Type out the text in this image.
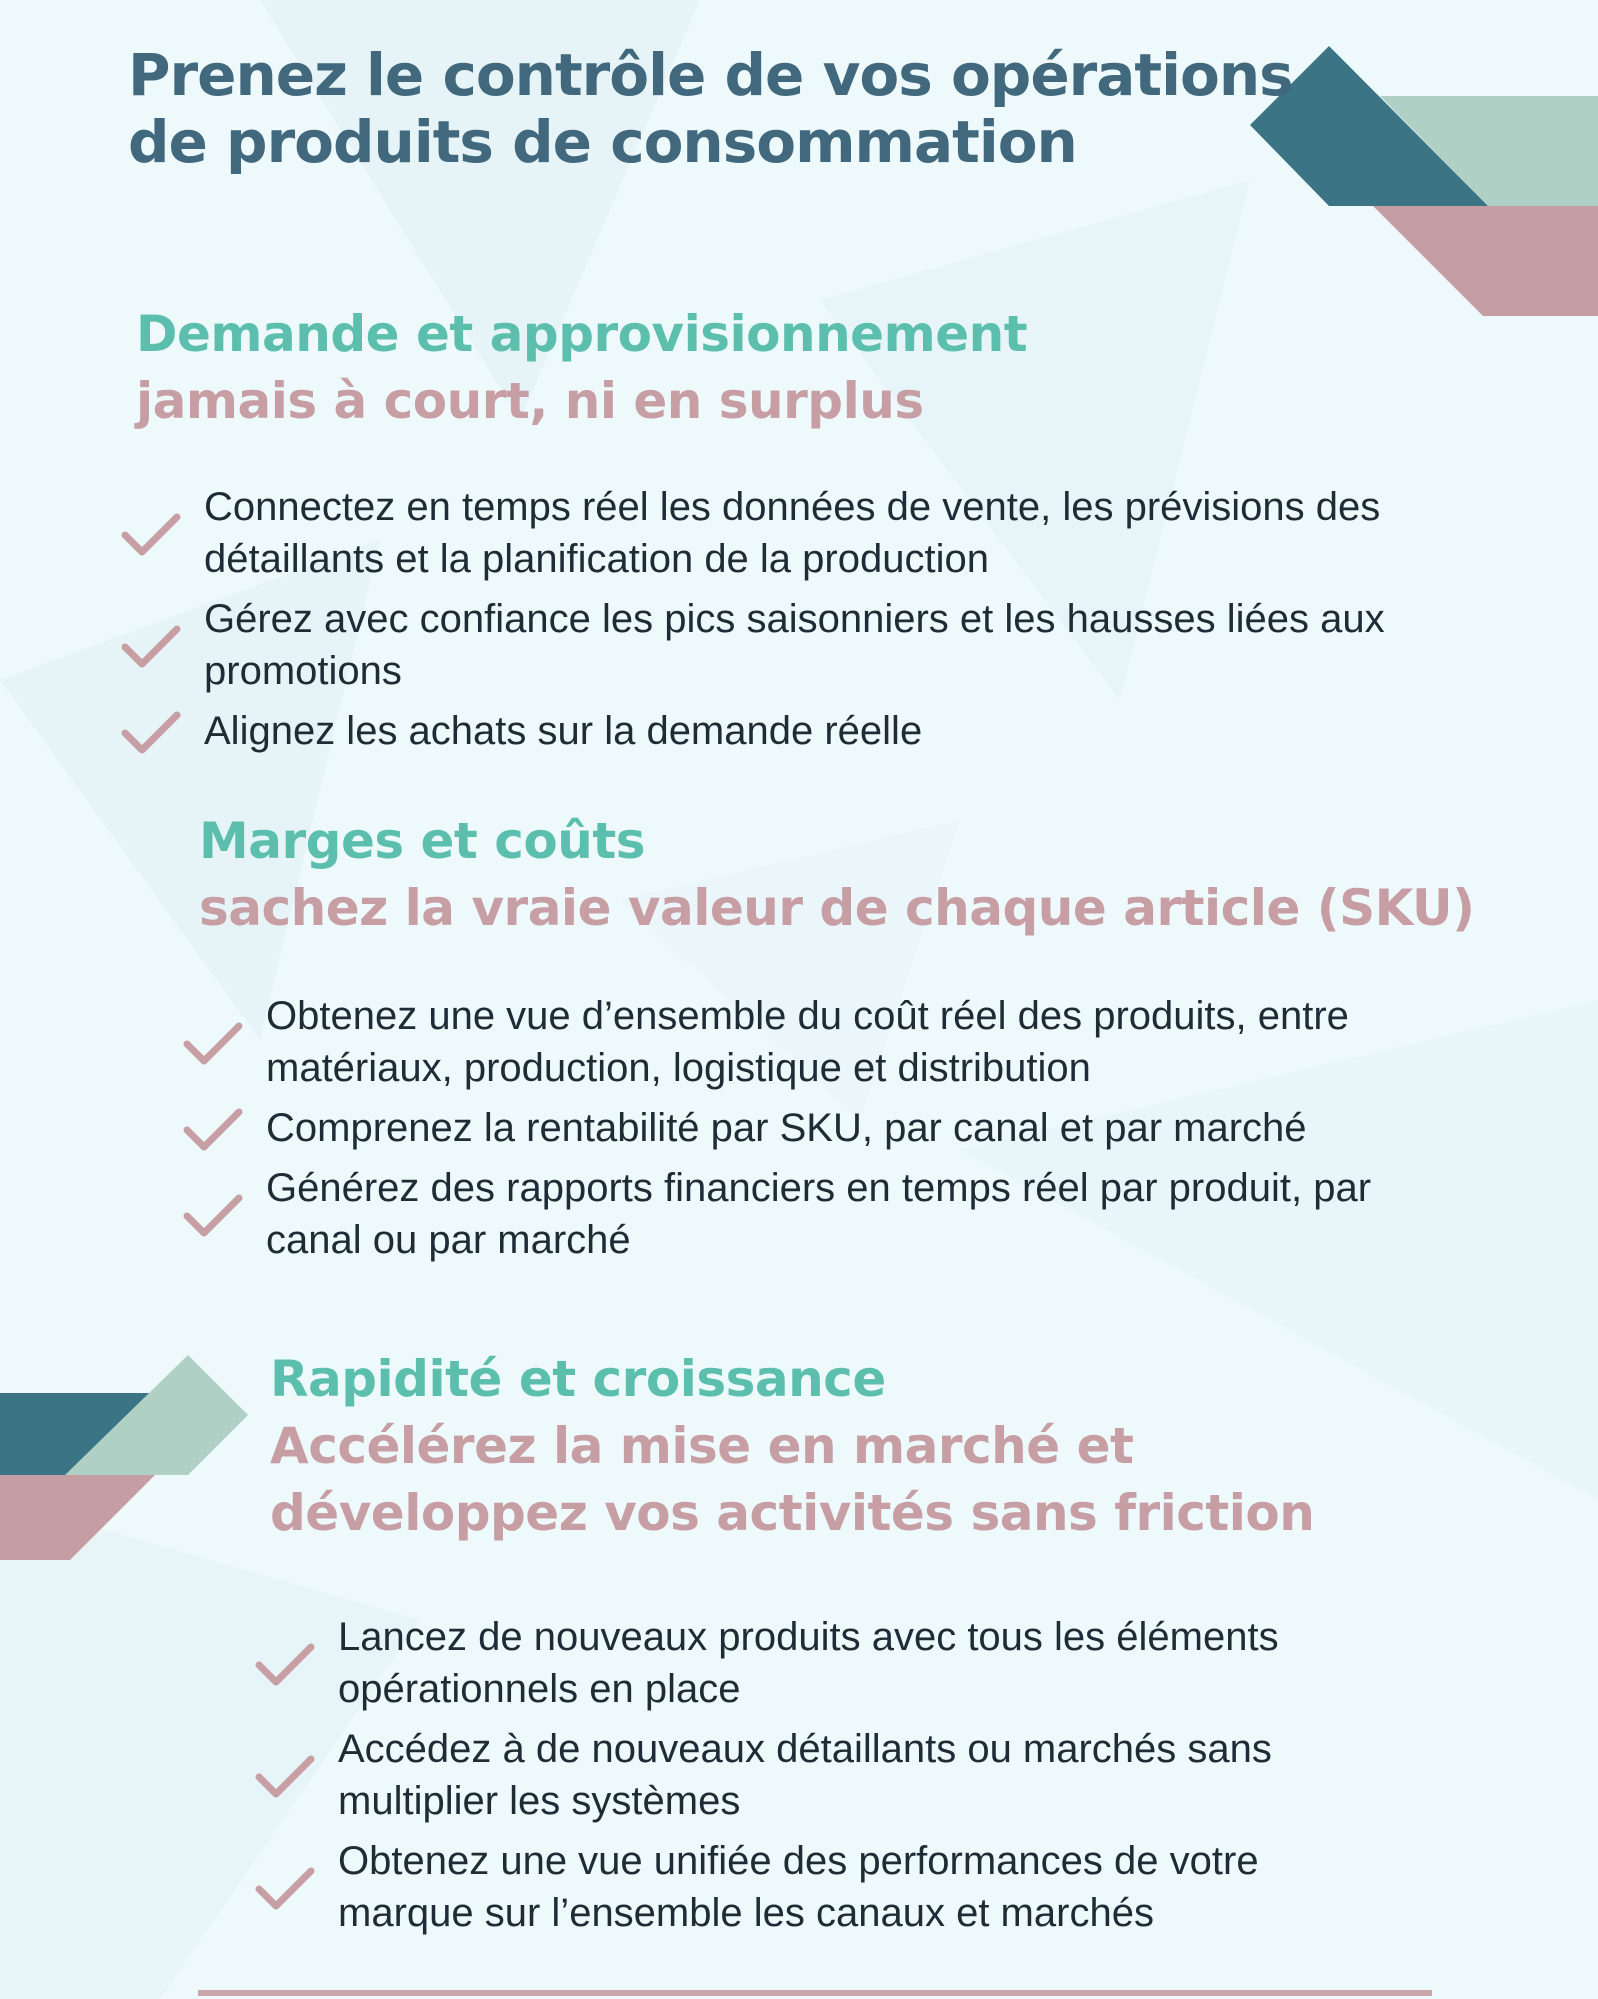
Prenez le contrôle de vos opérations
de produits de consommation
Demande et approvisionnement
jamais à court, ni en surplus
Connectez en temps réel les données de vente, les prévisions des détaillants et la planification de la production
Gérez avec confiance les pics saisonniers et les hausses liées aux promotions
Alignez les achats sur la demande réelle
Marges et coûts
sachez la vraie valeur de chaque article (SKU)
Obtenez une vue d’ensemble du coût réel des produits, entre matériaux, production, logistique et distribution
Comprenez la rentabilité par SKU, par canal et par marché
Générez des rapports financiers en temps réel par produit, par canal ou par marché
Rapidité et croissance
Accélérez la mise en marché et développez vos activités sans friction
Lancez de nouveaux produits avec tous les éléments opérationnels en place
Accédez à de nouveaux détaillants ou marchés sans multiplier les systèmes
Obtenez une vue unifiée des performances de votre marque sur l’ensemble les canaux et marchés
